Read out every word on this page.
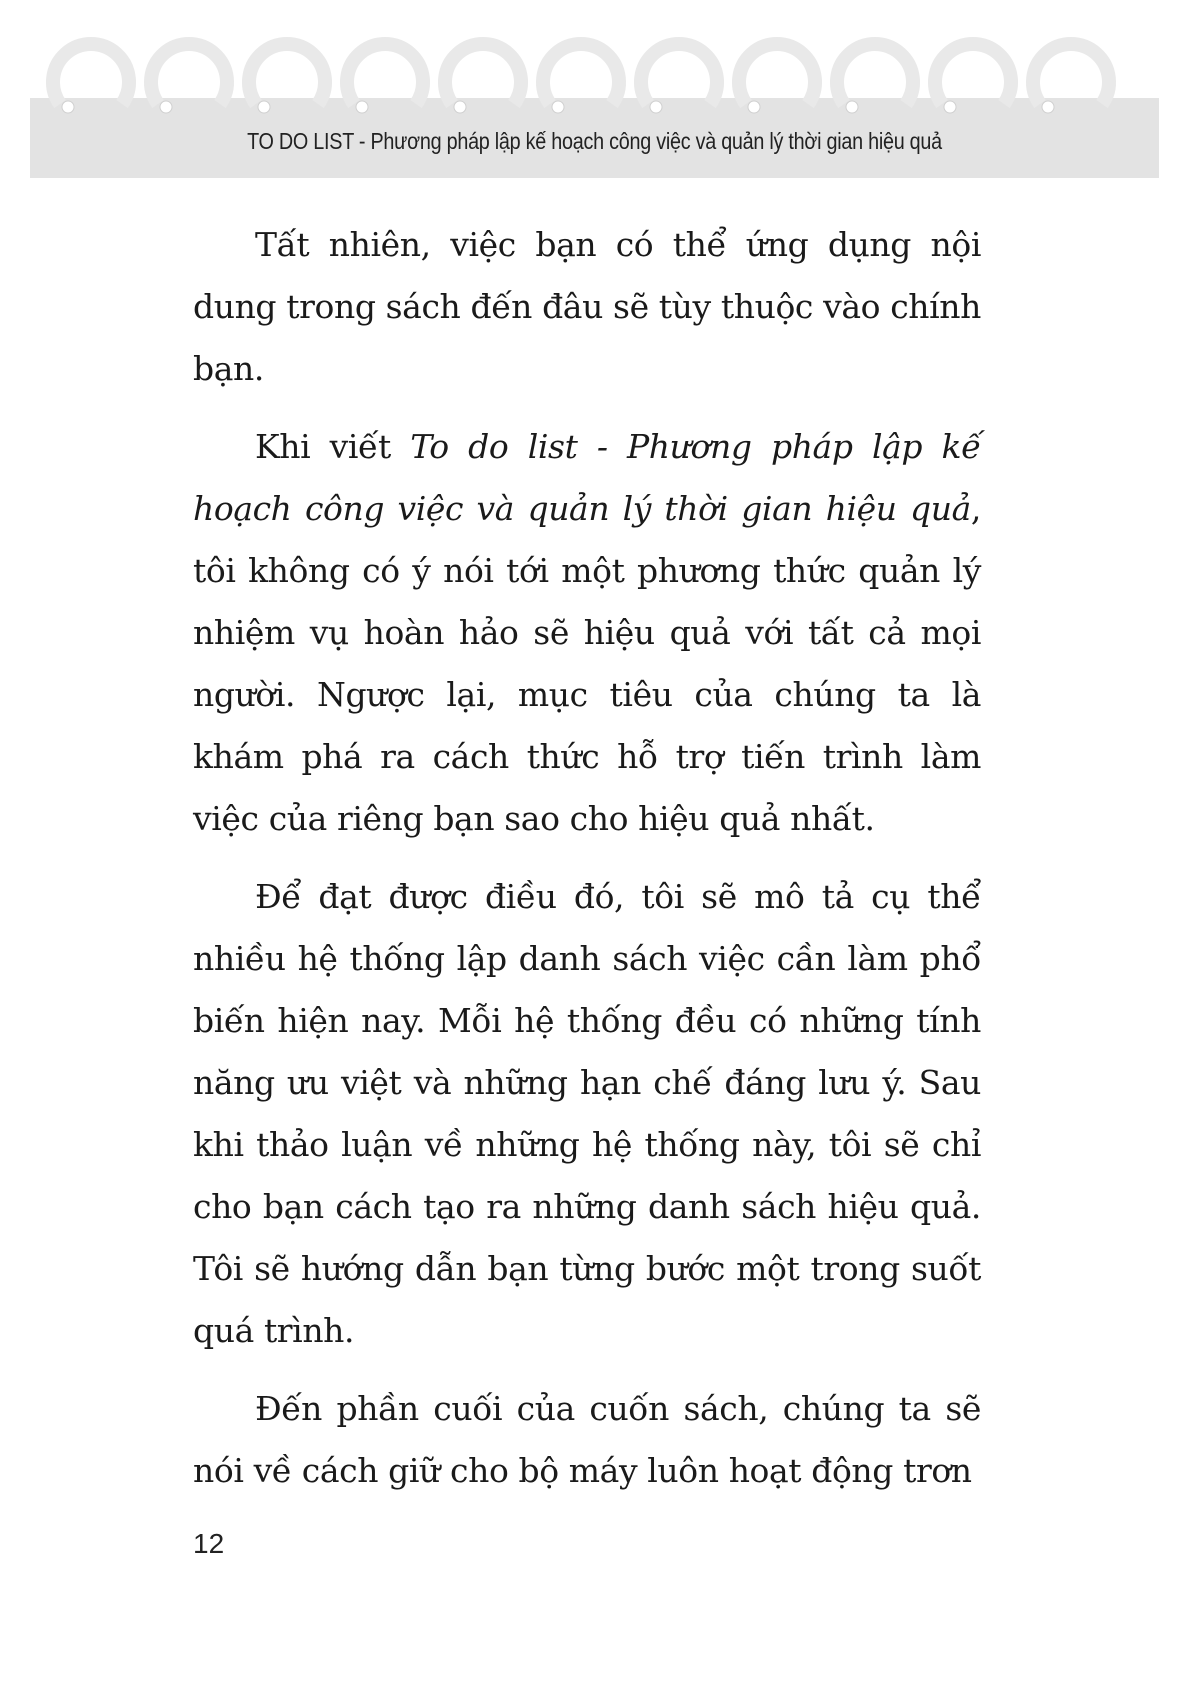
TO DO LIST - Phương pháp lập kế hoạch công việc và quản lý thời gian hiệu quả

Tất nhiên, việc bạn có thể ứng dụng nội dung trong sách đến đâu sẽ tùy thuộc vào chính bạn.

Khi viết To do list - Phương pháp lập kế hoạch công việc và quản lý thời gian hiệu quả, tôi không có ý nói tới một phương thức quản lý nhiệm vụ hoàn hảo sẽ hiệu quả với tất cả mọi người. Ngược lại, mục tiêu của chúng ta là khám phá ra cách thức hỗ trợ tiến trình làm việc của riêng bạn sao cho hiệu quả nhất.

Để đạt được điều đó, tôi sẽ mô tả cụ thể nhiều hệ thống lập danh sách việc cần làm phổ biến hiện nay. Mỗi hệ thống đều có những tính năng ưu việt và những hạn chế đáng lưu ý. Sau khi thảo luận về những hệ thống này, tôi sẽ chỉ cho bạn cách tạo ra những danh sách hiệu quả. Tôi sẽ hướng dẫn bạn từng bước một trong suốt quá trình.

Đến phần cuối của cuốn sách, chúng ta sẽ nói về cách giữ cho bộ máy luôn hoạt động trơn

12
